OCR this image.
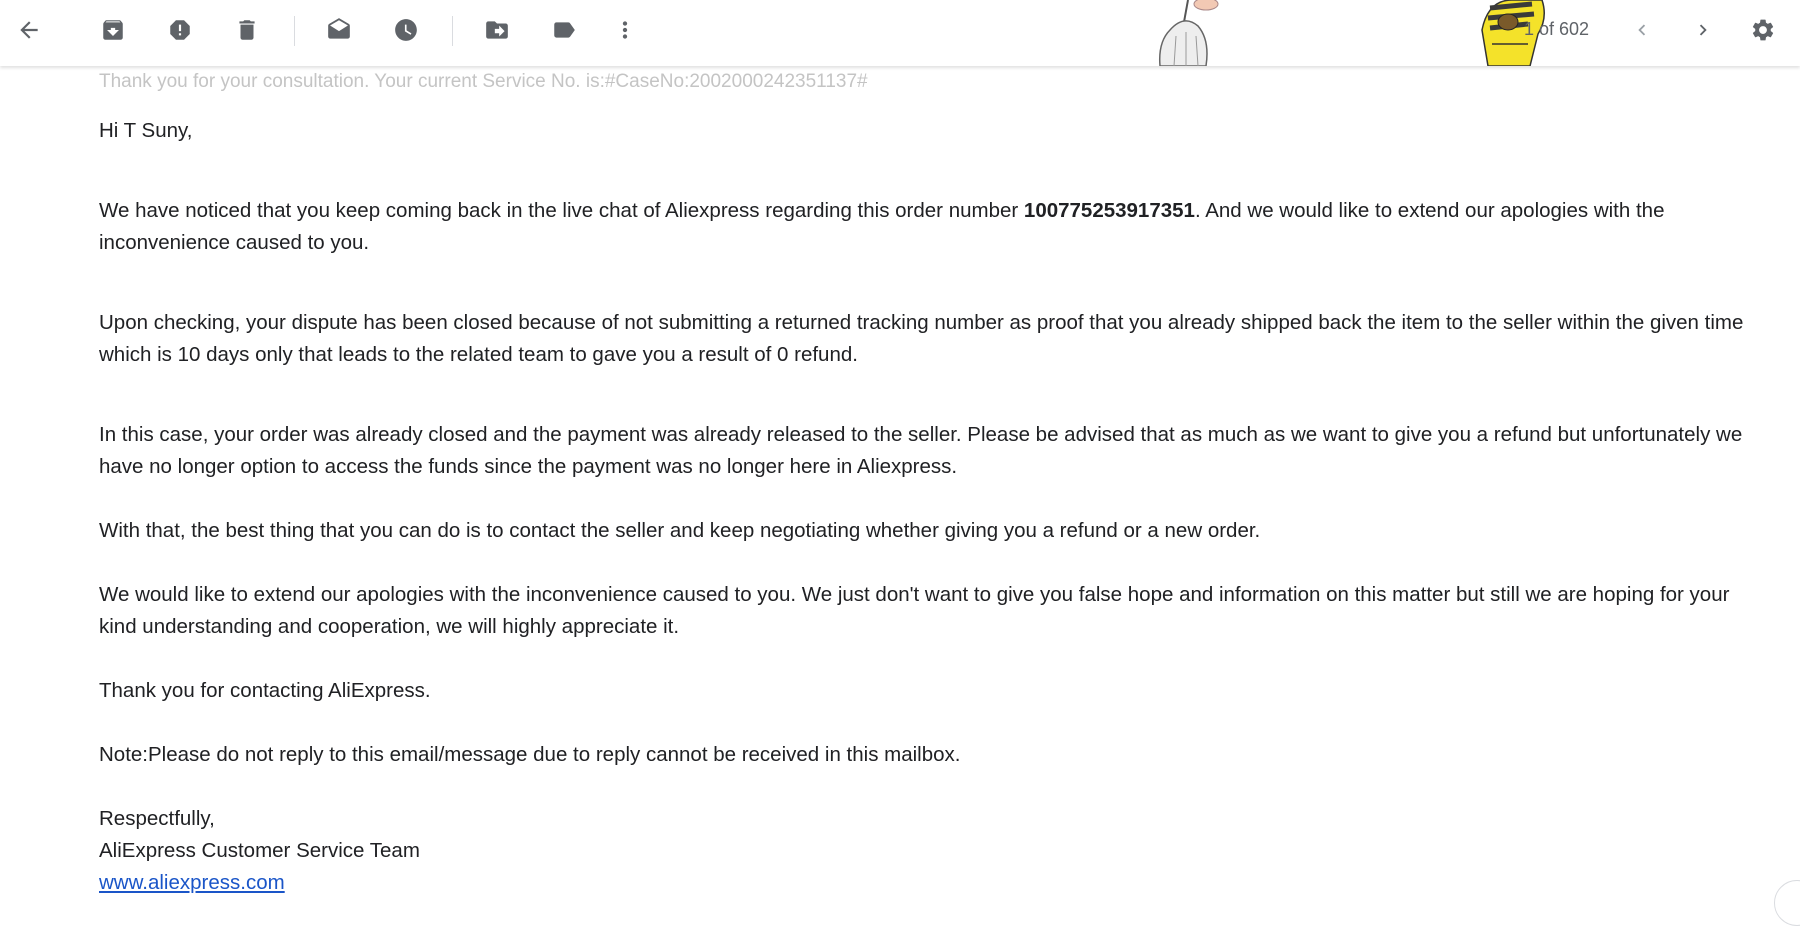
1 of 602

Thank you for your consultation. Your current Service No. is:#CaseNo:2002000242351137#

Hi T Suny,

We have noticed that you keep coming back in the live chat of Aliexpress regarding this order number 100775253917351. And we would like to extend our apologies with the inconvenience caused to you.

Upon checking, your dispute has been closed because of not submitting a returned tracking number as proof that you already shipped back the item to the seller within the given time which is 10 days only that leads to the related team to gave you a result of 0 refund.

In this case, your order was already closed and the payment was already released to the seller. Please be advised that as much as we want to give you a refund but unfortunately we have no longer option to access the funds since the payment was no longer here in Aliexpress.

With that, the best thing that you can do is to contact the seller and keep negotiating whether giving you a refund or a new order.

We would like to extend our apologies with the inconvenience caused to you. We just don't want to give you false hope and information on this matter but still we are hoping for your kind understanding and cooperation, we will highly appreciate it.

Thank you for contacting AliExpress.

Note:Please do not reply to this email/message due to reply cannot be received in this mailbox.

Respectfully,

AliExpress Customer Service Team

www.aliexpress.com
